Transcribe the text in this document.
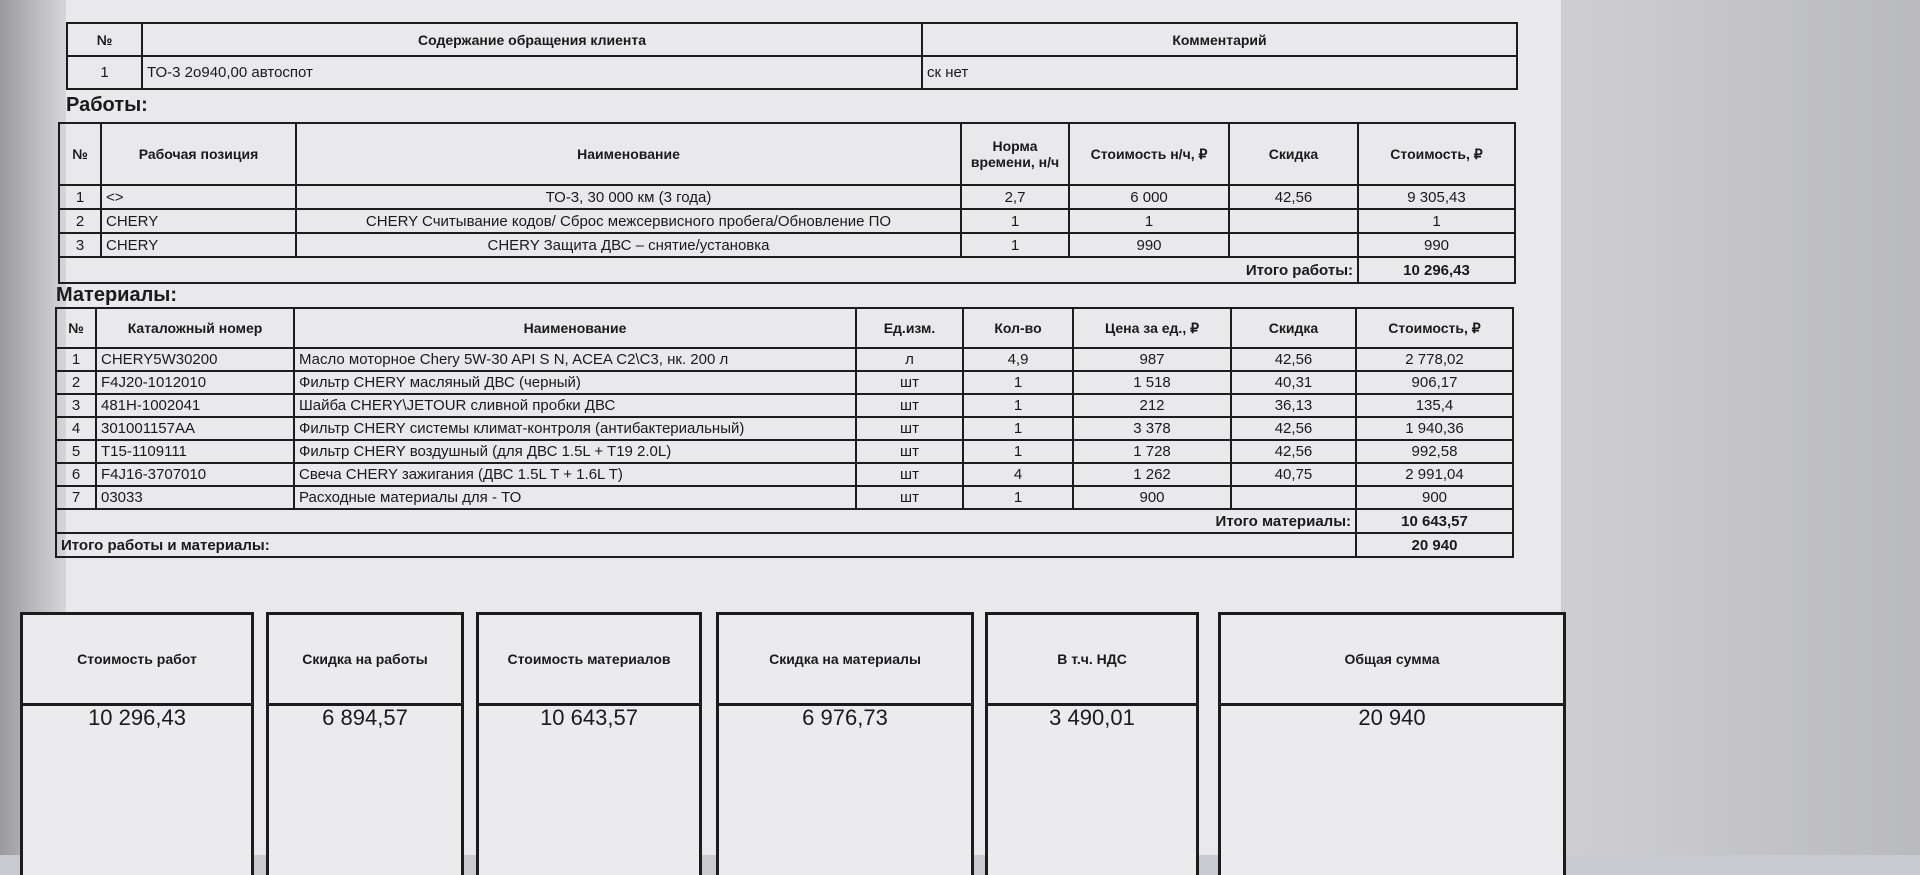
№	Содержание обращения клиента	Комментарий
1	ТО-3 2о940,00 автоспот	ск нет
Работы:
№	Рабочая позиция	Наименование	Норма времени, н/ч	Стоимость н/ч, ₽	Скидка	Стоимость, ₽
1	<>	ТО-3, 30 000 км (3 года)	2,7	6 000	42,56	9 305,43
2	CHERY	CHERY Считывание кодов/ Сброс межсервисного пробега/Обновление ПО	1	1		1
3	CHERY	CHERY Защита ДВС – снятие/установка	1	990		990
Итого работы:						10 296,43
Материалы:
№	Каталожный номер	Наименование	Ед.изм.	Кол-во	Цена за ед., ₽	Скидка	Стоимость, ₽
1	CHERY5W30200	Масло моторное Chery 5W-30 API S N, ACEA C2\C3, нк. 200 л	л	4,9	987	42,56	2 778,02
2	F4J20-1012010	Фильтр CHERY масляный ДВС (черный)	шт	1	1 518	40,31	906,17
3	481H-1002041	Шайба CHERY\JETOUR сливной пробки ДВС	шт	1	212	36,13	135,4
4	301001157AA	Фильтр CHERY системы климат-контроля (антибактериальный)	шт	1	3 378	42,56	1 940,36
5	T15-1109111	Фильтр CHERY воздушный (для ДВС 1.5L + T19 2.0L)	шт	1	1 728	42,56	992,58
6	F4J16-3707010	Свеча CHERY зажигания (ДВС 1.5L T + 1.6L T)	шт	4	1 262	40,75	2 991,04
7	03033	Расходные материалы для - ТО	шт	1	900		900
Итого материалы:							10 643,57
Итого работы и материалы:							20 940
Стоимость работ
10 296,43
Скидка на работы
6 894,57
Стоимость материалов
10 643,57
Скидка на материалы
6 976,73
В т.ч. НДС
3 490,01
Общая сумма
20 940
